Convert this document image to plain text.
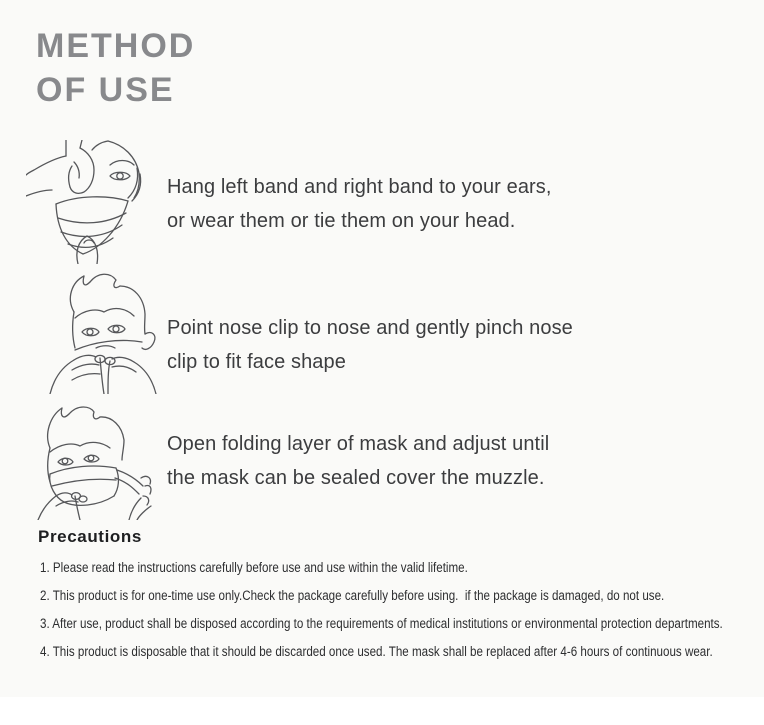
METHOD
OF USE
Hang left band and right band to your ears,
or wear them or tie them on your head.
Point nose clip to nose and gently pinch nose
clip to fit face shape
Open folding layer of mask and adjust until
the mask can be sealed cover the muzzle.
Precautions

1. Please read the instructions carefully before use and use within the valid lifetime.

2. This product is for one-time use only.Check the package carefully before using.  if the package is damaged, do not use.

3. After use, product shall be disposed according to the requirements of medical institutions or environmental protection departments.

4. This product is disposable that it should be discarded once used. The mask shall be replaced after 4-6 hours of continuous wear.
